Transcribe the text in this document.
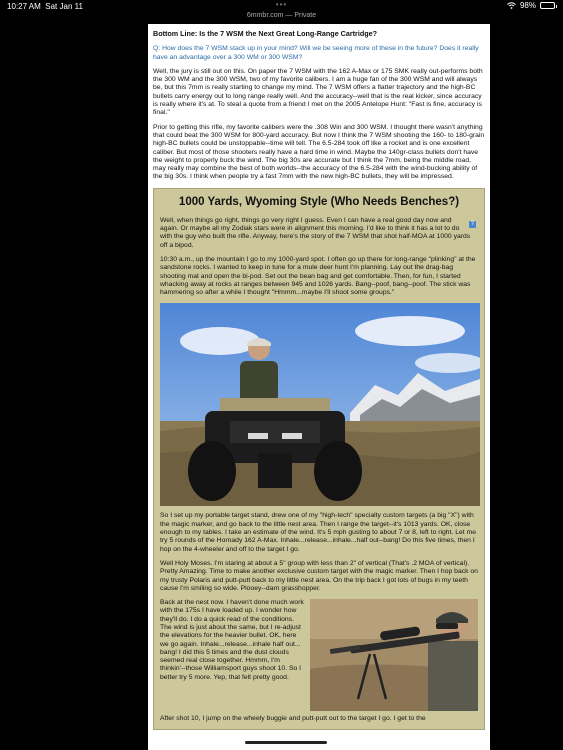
10:27 AM Sat Jan 11	98%
•••
6mmbr.com — Private
Bottom Line: Is the 7 WSM the Next Great Long-Range Cartridge?

Q: How does the 7 WSM stack up in your mind? Will we be seeing more of these in the future? Does it really have an advantage over a 300 WM or 300 WSM?

Well, the jury is still out on this. On paper the 7 WSM with the 162 A-Max or 175 SMK really out-performs both the 300 WM and the 300 WSM, two of my favorite calibers. I am a huge fan of the 300 WSM and will always be, but this 7mm is really starting to change my mind. The 7 WSM offers a flatter trajectory and the high-BC bullets carry energy out to long range really well. And the accuracy--well that is the real kicker, since accuracy is really where it's at. To steal a quote from a friend I met on the 2005 Antelope Hunt: "Fast is fine, accuracy is final."

Prior to getting this rifle, my favorite calibers were the .308 Win and 300 WSM. I thought there wasn't anything that could beat the 300 WSM for 800-yard accuracy. But now I think the 7 WSM shooting the 160- to 180-grain high-BC bullets could be unstoppable--time will tell. The 6.5-284 took off like a rocket and is one excellent caliber. But most of those shooters really have a hard time in wind. Maybe the 140gr-class bullets don't have the weight to properly buck the wind. The big 30s are accurate but I think the 7mm, being the middle road, may really may combine the best of both worlds--the accuracy of the 6.5-284 with the wind-bucking ability of the big 30s. I think when people try a fast 7mm with the new high-BC bullets, they will be impressed.

1000 Yards, Wyoming Style (Who Needs Benches?)
?

Well, when things go right, things go very right I guess. Even I can have a real good day now and again. Or maybe all my Zodiak stars were in alignment this morning. I'd like to think it has a lot to do with the guy who built the rifle. Anyway, here's the story of the 7 WSM that shot half-MOA at 1000 yards off a bipod.

10:30 a.m., up the mountain I go to my 1000-yard spot. I often go up there for long-range "plinking" at the sandstone rocks. I wanted to keep in tune for a mule deer hunt I'm planning. Lay out the drag-bag shooting mat and open the bi-pod. Set out the bean bag and get comfortable. Then, for fun, I started whacking away at rocks at ranges between 945 and 1026 yards. Bang--poof, bang--poof. The stick was hammering so after a while I thought "Hmmm...maybe I'll shoot some groups."

So I set up my portable target stand, drew one of my "high-tech" specialty custom targets (a big "X") with the magic marker, and go back to the little nest area. Then I range the target--it's 1013 yards. OK, close enough to my tables. I take an estimate of the wind. It's 5 mph gusting to about 7 or 8, left to right. Let me try 5 rounds of the Hornady 162 A-Max. Inhale...release...inhale...half out--bang! Do this five times, then I hop on the 4-wheeler and off to the target I go.

Well Holy Moses. I'm staring at about a 5" group with less than 2" of vertical (That's .2 MOA of vertical). Pretty Amazing. Time to make another exclusive custom target with the magic marker. Then I hop back on my trusty Polaris and putt-putt back to my little nest area. On the trip back I got lots of bugs in my teeth cause I'm smiling so wide. Plooey--darn grasshopper.

Back at the nest now. I haven't done much work with the 175s I have loaded up. I wonder how they'll do. I do a quick read of the conditions. The wind is just about the same, but I re-adjust the elevations for the heavier bullet. OK, here we go again. Inhale...release...inhale half out... bang! I did this 5 times and the dust clouds seemed real close together. Hmmm, I'm thinkin'--those Williamsport guys shoot 10. So I better try 5 more. Yep, that felt pretty good.

After shot 10, I jump on the wheely buggie and putt-putt out to the target I go. I get to the
